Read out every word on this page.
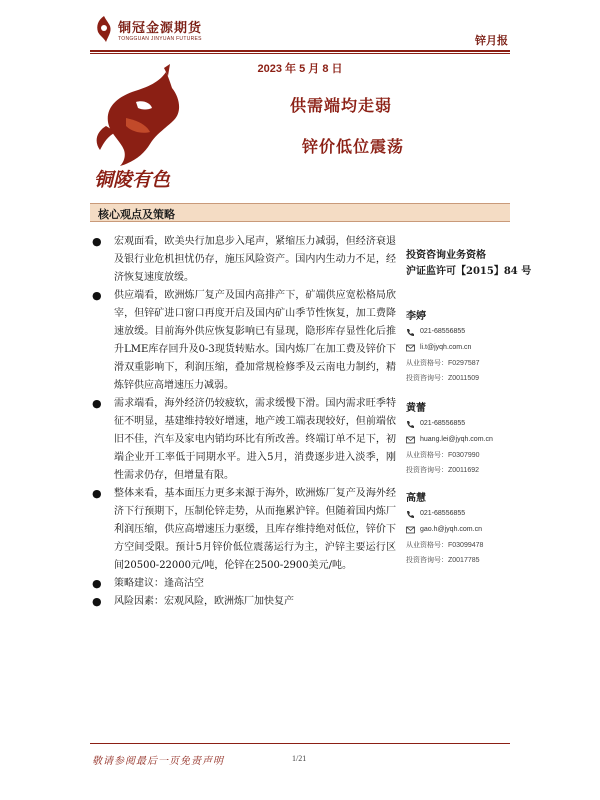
铜冠金源期货
TONGGUAN JINYUAN FUTURES	锌月报
2023 年 5 月 8 日
铜陵有色
供需端均走弱
锌价低位震荡
核心观点及策略
● 宏观面看，欧美央行加息步入尾声，紧缩压力减弱，但经济衰退及银行业危机担忧仍存，施压风险资产。国内内生动力不足，经济恢复速度放缓。
● 供应端看，欧洲炼厂复产及国内高排产下，矿端供应宽松格局欣宰，但锌矿进口窗口再度开启及国内矿山季节性恢复，加工费降速放缓。目前海外供应恢复影响已有显现，隐形库存显性化后推升LME库存回升及0-3现货转贴水。国内炼厂在加工费及锌价下滑双重影响下，利润压缩，叠加常规检修季及云南电力制约，精炼锌供应高增速压力减弱。
● 需求端看，海外经济仍较疲软，需求缓慢下滑。国内需求旺季特征不明显，基建维持较好增速，地产竣工端表现较好，但前端依旧不佳，汽车及家电内销均环比有所改善。终端订单不足下，初端企业开工率低于同期水平。进入5月，消费逐步进入淡季，刚性需求仍存，但增量有限。
● 整体来看，基本面压力更多来源于海外，欧洲炼厂复产及海外经济下行预期下，压制伦锌走势，从而拖累沪锌。但随着国内炼厂利润压缩，供应高增速压力驱缓，且库存维持绝对低位，锌价下方空间受限。预计5月锌价低位震荡运行为主，沪锌主要运行区间20500-22000元/吨，伦锌在2500-2900美元/吨。
● 策略建议：逢高沽空
● 风险因素：宏观风险，欧洲炼厂加快复产
投资咨询业务资格
沪证监许可【2015】84 号
李婷
021-68556855
li.t@jyqh.com.cn
从业资格号：F0297587
投资咨询号：Z0011509
黄蕾
021-68556855
huang.lei@jyqh.com.cn
从业资格号：F0307990
投资咨询号：Z0011692
高慧
021-68556855
gao.h@jyqh.com.cn
从业资格号：F03099478
投资咨询号：Z0017785
敬请参阅最后一页免责声明	1/21
